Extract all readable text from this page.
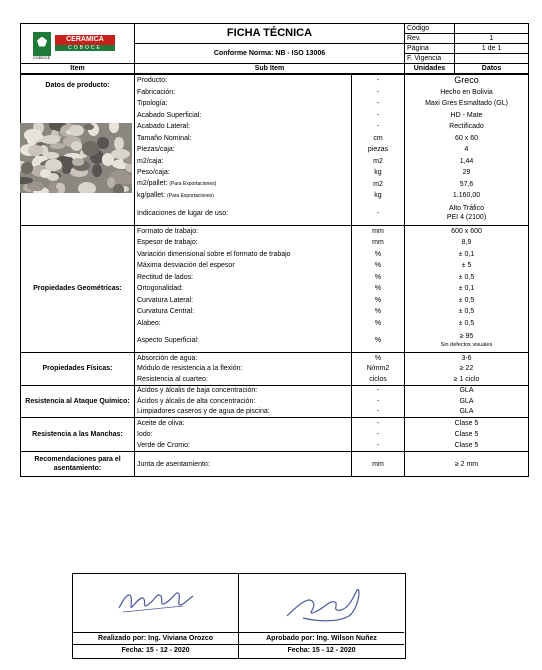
CERAMICA
COBOCE
COBOCE	FICHA TÉCNICA	Código	
		Rev.	1
	Conforme Norma: NB - ISO 13006	Página	1 de 1
		F. Vigencia	
Item	Sub Item	Unidades	Datos
Datos de producto:	Producto:	-	Greco

	Fabricación:	-	Hecho en Bolivia

	Tipología:	-	Maxi Gres Esmaltado (GL)

	Acabado Superficial:	-	HD - Mate

	Acabado Lateral:	-	Rectificado

	Tamaño Nominal:	cm	60 x 60

	Piezas/caja:	piezas	4

	m2/caja:	m2	1,44

	Peso/caja:	kg	29

	m2/pallet: (Para Exportaciones)	m2	57,6

	kg/pallet: (Para Exportaciones)	kg	1.160,00

	Indicaciones de lugar de uso:	-	Alto Tráfico
PEI 4 (2100)

Propiedades Geométricas:	Formato de trabajo:	mm	600 x 600

	Espesor de trabajo:	mm	8,9

	Variación dimensional sobre el formato de trabajo	%	± 0,1

	Máxima desviación del espesor	%	± 5

	Rectitud de lados:	%	± 0,5

	Ortogonalidad:	%	± 0,1

	Curvatura Lateral:	%	± 0,5

	Curvatura Central:	%	± 0,5

	Alabeo:	%	± 0,5

	Aspecto Superficial:	%	≥ 95
Sin defectos visuales

Propiedades Físicas:	Absorción de agua:	%	3-6

	Módulo de resistencia a la flexión:	N/mm2	≥ 22

	Resistencia al cuarteo:	ciclos	≥ 1 ciclo

Resistencia al Ataque Químico:	Ácidos y álcalis de baja concentración:	-	GLA

	Ácidos y álcalis de alta concentración:	-	GLA

	Limpiadores caseros y de agua de piscina:	-	GLA

Resistencia a las Manchas:	Aceite de oliva:	-	Clase 5

	Iodo:	-	Clase 5

	Verde de Cromo:	-	Clase 5

Recomendaciones para el asentamiento:	Junta de asentamiento:	mm	≥ 2 mm
Realizado por: Ing. Viviana Orozco
Fecha: 15 - 12 - 2020
Aprobado por: Ing. Wilson Nuñez
Fecha: 15 - 12 - 2020
